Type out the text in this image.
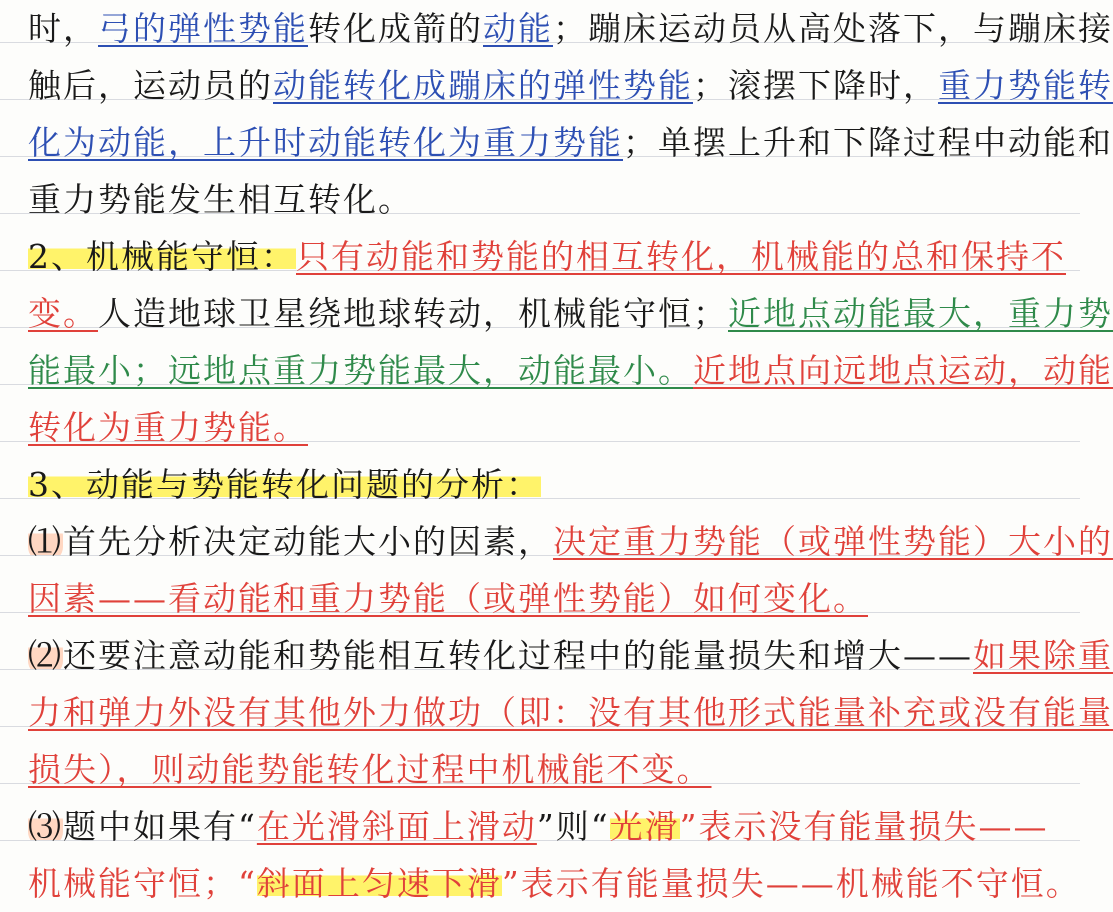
时，弓的弹性势能转化成箭的动能；蹦床运动员从高处落下，与蹦床接
触后，运动员的动能转化成蹦床的弹性势能；滚摆下降时，重力势能转
化为动能，上升时动能转化为重力势能；单摆上升和下降过程中动能和
重力势能发生相互转化。
2、机械能守恒：只有动能和势能的相互转化，机械能的总和保持不
变。人造地球卫星绕地球转动，机械能守恒；近地点动能最大，重力势
能最小；远地点重力势能最大，动能最小。近地点向远地点运动，动能
转化为重力势能。
3、动能与势能转化问题的分析：
⑴首先分析决定动能大小的因素，决定重力势能（或弹性势能）大小的
因素——看动能和重力势能（或弹性势能）如何变化。
⑵还要注意动能和势能相互转化过程中的能量损失和增大——如果除重
力和弹力外没有其他外力做功（即：没有其他形式能量补充或没有能量
损失），则动能势能转化过程中机械能不变。
⑶题中如果有“在光滑斜面上滑动”则“光滑”表示没有能量损失——
机械能守恒；“斜面上匀速下滑”表示有能量损失——机械能不守恒。
